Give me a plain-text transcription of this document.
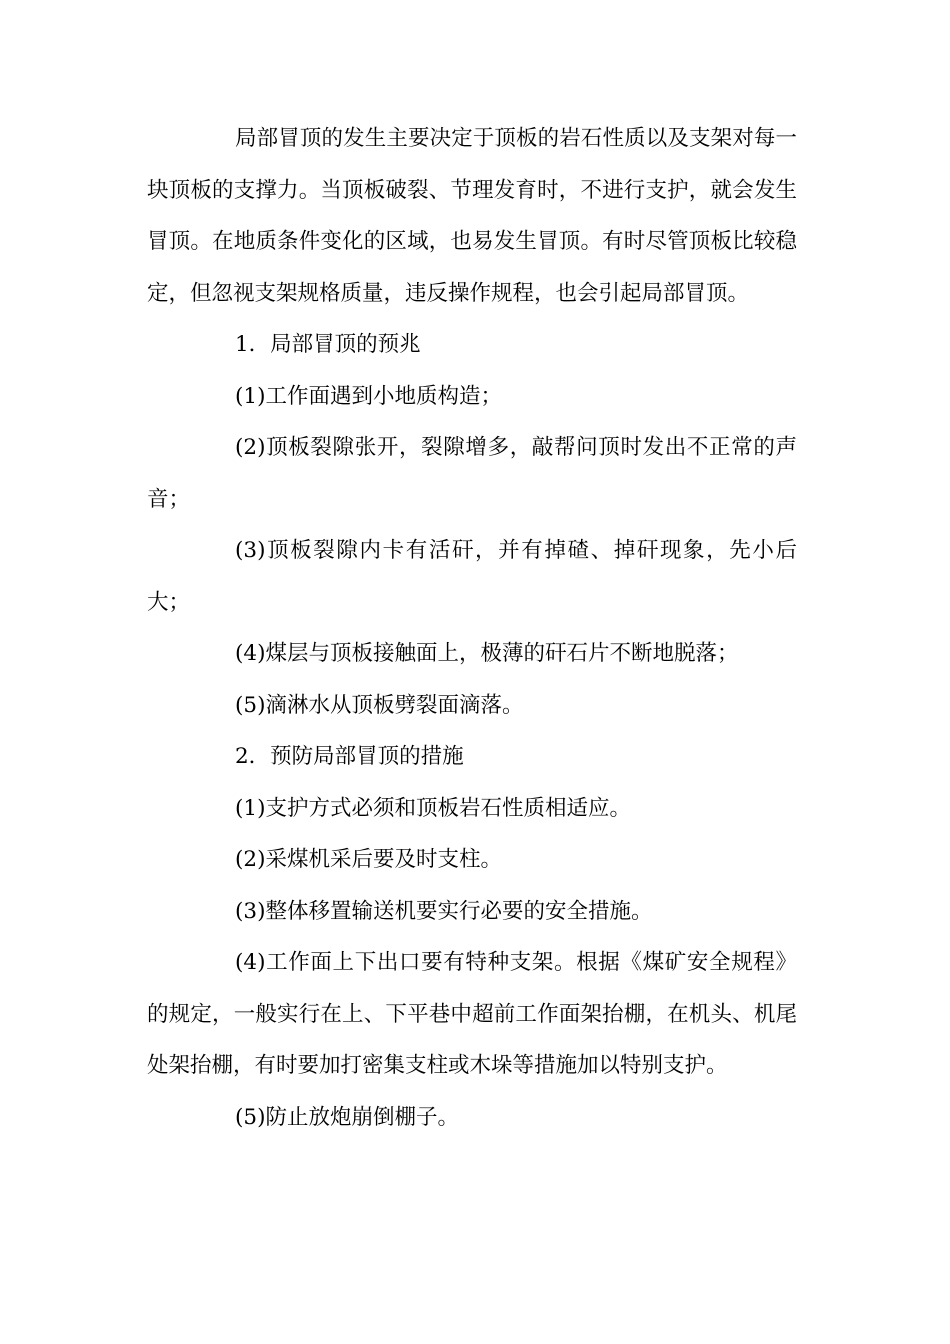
局部冒顶的发生主要决定于顶板的岩石性质以及支架对每一块顶板的支撑力。当顶板破裂、节理发育时，不进行支护，就会发生冒顶。在地质条件变化的区域，也易发生冒顶。有时尽管顶板比较稳定，但忽视支架规格质量，违反操作规程，也会引起局部冒顶。

1．局部冒顶的预兆

(1)工作面遇到小地质构造；

(2)顶板裂隙张开，裂隙增多，敲帮问顶时发出不正常的声音；

(3)顶板裂隙内卡有活矸，并有掉碴、掉矸现象，先小后大；

(4)煤层与顶板接触面上，极薄的矸石片不断地脱落；

(5)滴淋水从顶板劈裂面滴落。

2．预防局部冒顶的措施

(1)支护方式必须和顶板岩石性质相适应。

(2)采煤机采后要及时支柱。

(3)整体移置输送机要实行必要的安全措施。

(4)工作面上下出口要有特种支架。根据《煤矿安全规程》的规定，一般实行在上、下平巷中超前工作面架抬棚，在机头、机尾处架抬棚，有时要加打密集支柱或木垛等措施加以特别支护。

(5)防止放炮崩倒棚子。
